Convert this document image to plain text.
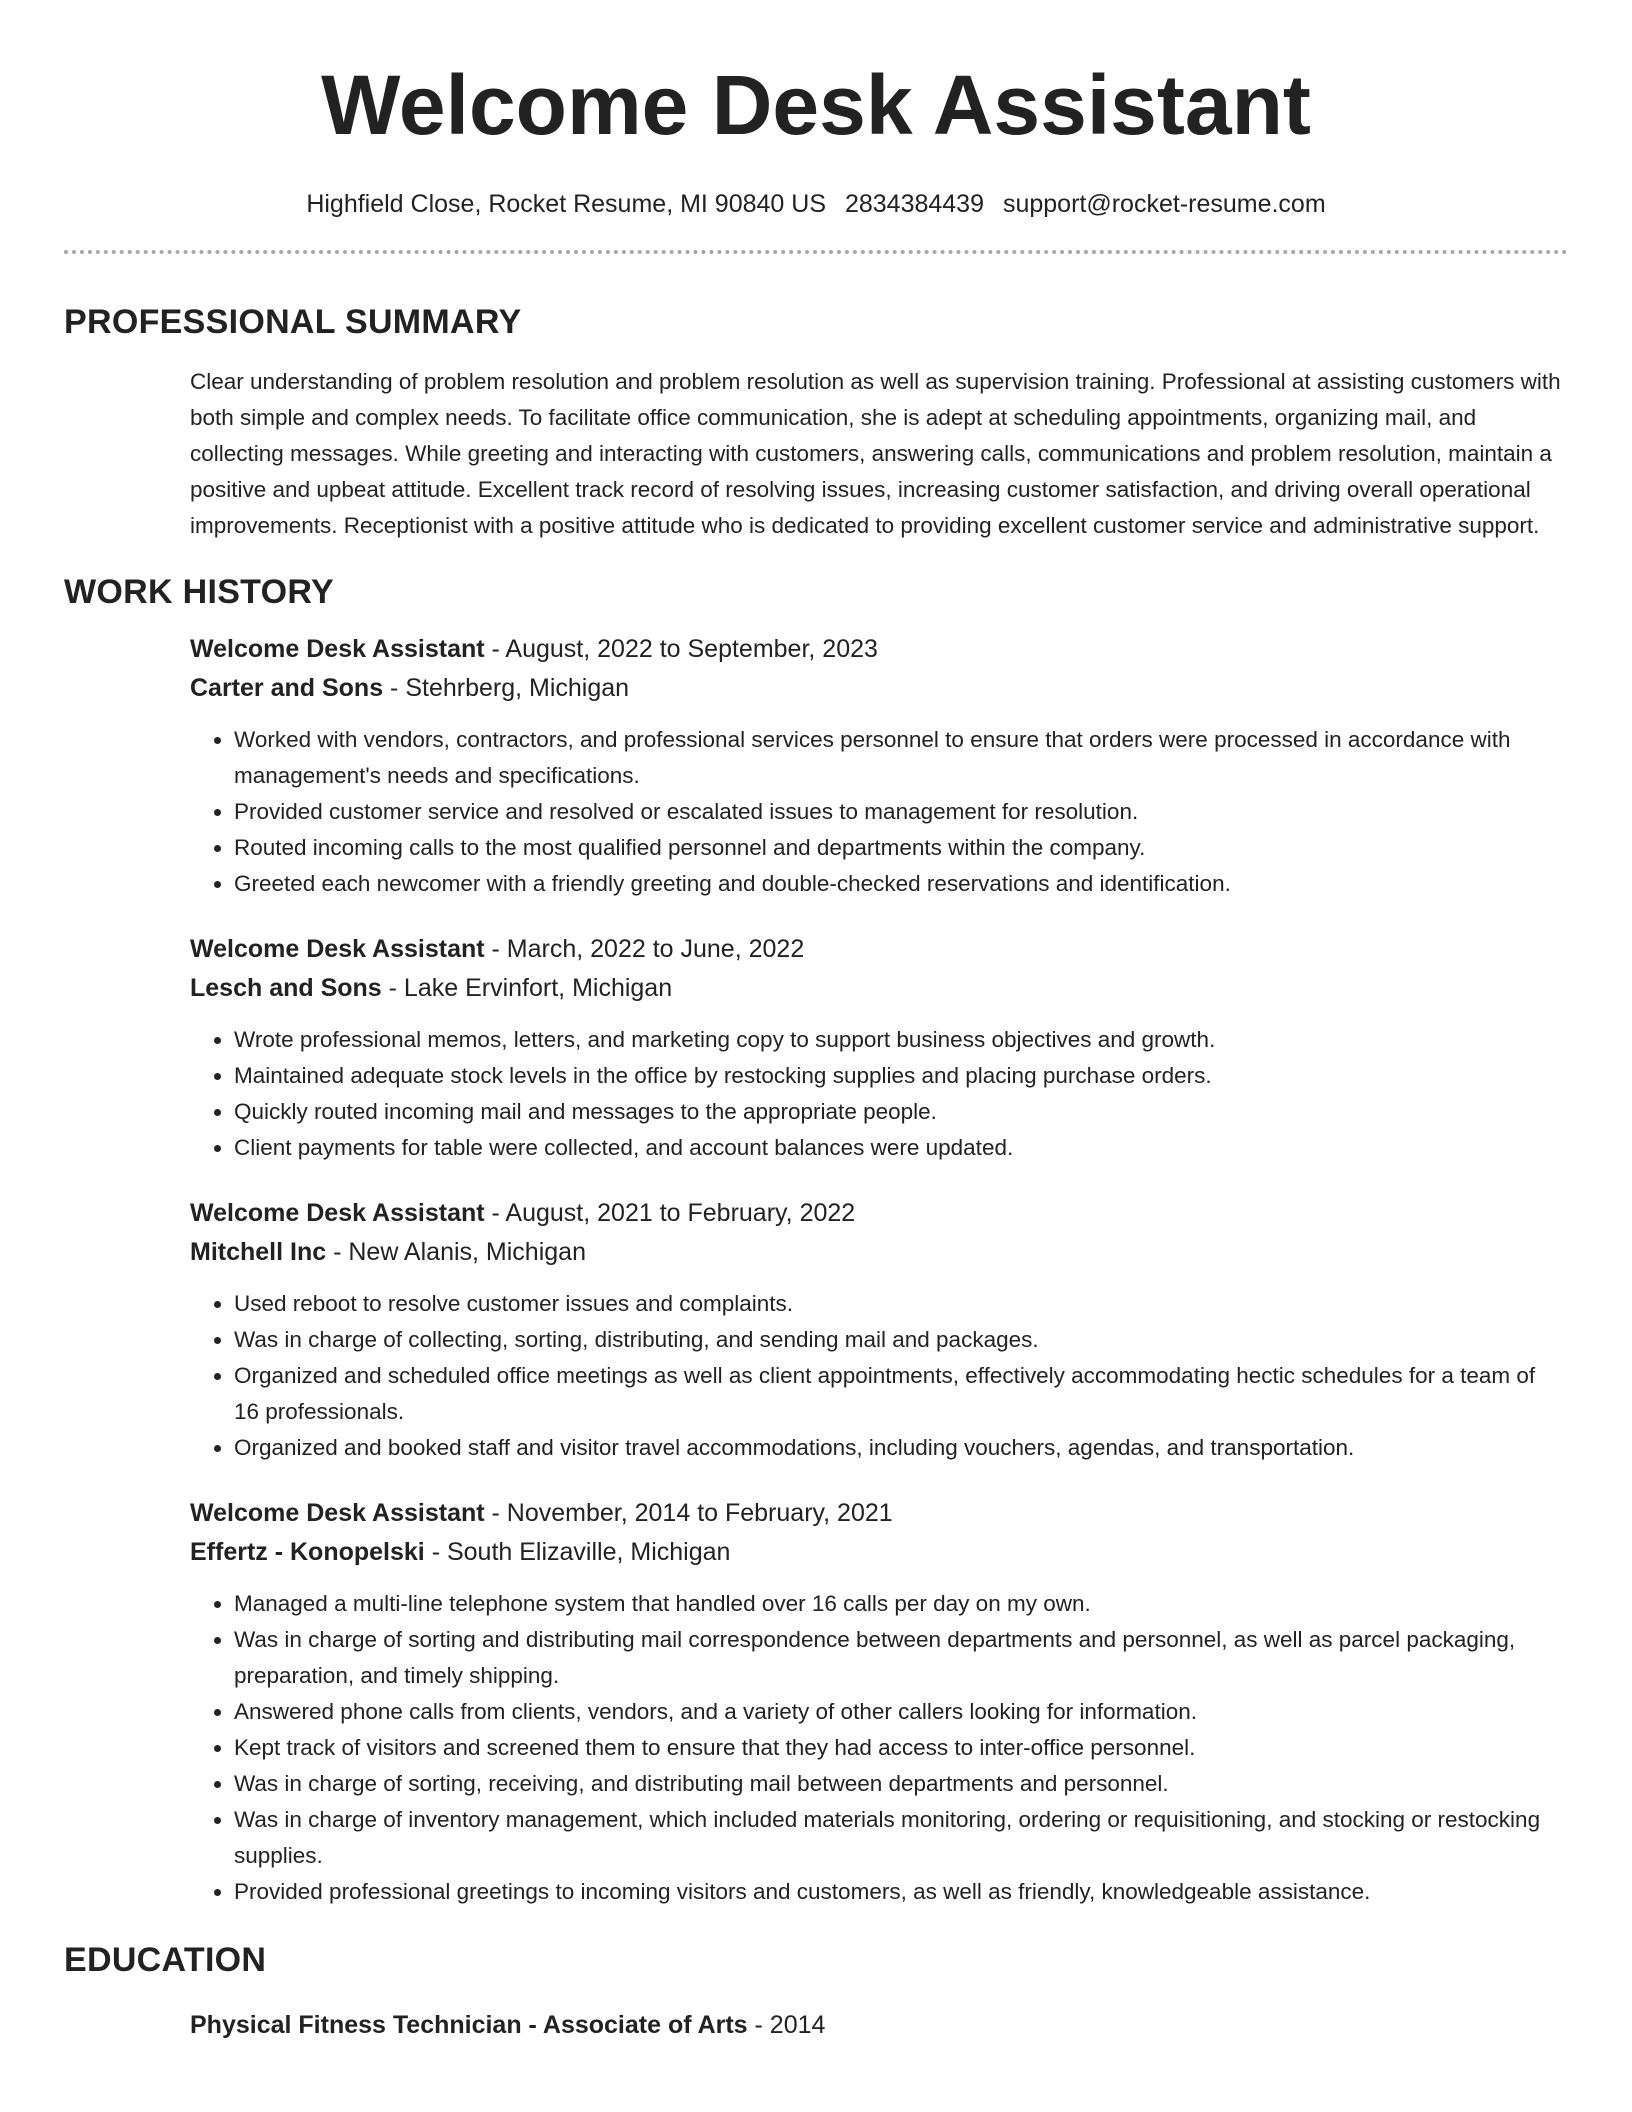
Welcome Desk Assistant
Highfield Close, Rocket Resume, MI 90840 US 2834384439 support@rocket-resume.com
PROFESSIONAL SUMMARY
Clear understanding of problem resolution and problem resolution as well as supervision training. Professional at assisting customers with both simple and complex needs. To facilitate office communication, she is adept at scheduling appointments, organizing mail, and collecting messages. While greeting and interacting with customers, answering calls, communications and problem resolution, maintain a positive and upbeat attitude. Excellent track record of resolving issues, increasing customer satisfaction, and driving overall operational improvements. Receptionist with a positive attitude who is dedicated to providing excellent customer service and administrative support.
WORK HISTORY
Welcome Desk Assistant - August, 2022 to September, 2023
Carter and Sons - Stehrberg, Michigan
• Worked with vendors, contractors, and professional services personnel to ensure that orders were processed in accordance with management's needs and specifications.
• Provided customer service and resolved or escalated issues to management for resolution.
• Routed incoming calls to the most qualified personnel and departments within the company.
• Greeted each newcomer with a friendly greeting and double-checked reservations and identification.
Welcome Desk Assistant - March, 2022 to June, 2022
Lesch and Sons - Lake Ervinfort, Michigan
• Wrote professional memos, letters, and marketing copy to support business objectives and growth.
• Maintained adequate stock levels in the office by restocking supplies and placing purchase orders.
• Quickly routed incoming mail and messages to the appropriate people.
• Client payments for table were collected, and account balances were updated.
Welcome Desk Assistant - August, 2021 to February, 2022
Mitchell Inc - New Alanis, Michigan
• Used reboot to resolve customer issues and complaints.
• Was in charge of collecting, sorting, distributing, and sending mail and packages.
• Organized and scheduled office meetings as well as client appointments, effectively accommodating hectic schedules for a team of 16 professionals.
• Organized and booked staff and visitor travel accommodations, including vouchers, agendas, and transportation.
Welcome Desk Assistant - November, 2014 to February, 2021
Effertz - Konopelski - South Elizaville, Michigan
• Managed a multi-line telephone system that handled over 16 calls per day on my own.
• Was in charge of sorting and distributing mail correspondence between departments and personnel, as well as parcel packaging, preparation, and timely shipping.
• Answered phone calls from clients, vendors, and a variety of other callers looking for information.
• Kept track of visitors and screened them to ensure that they had access to inter-office personnel.
• Was in charge of sorting, receiving, and distributing mail between departments and personnel.
• Was in charge of inventory management, which included materials monitoring, ordering or requisitioning, and stocking or restocking supplies.
• Provided professional greetings to incoming visitors and customers, as well as friendly, knowledgeable assistance.
EDUCATION
Physical Fitness Technician - Associate of Arts - 2014
